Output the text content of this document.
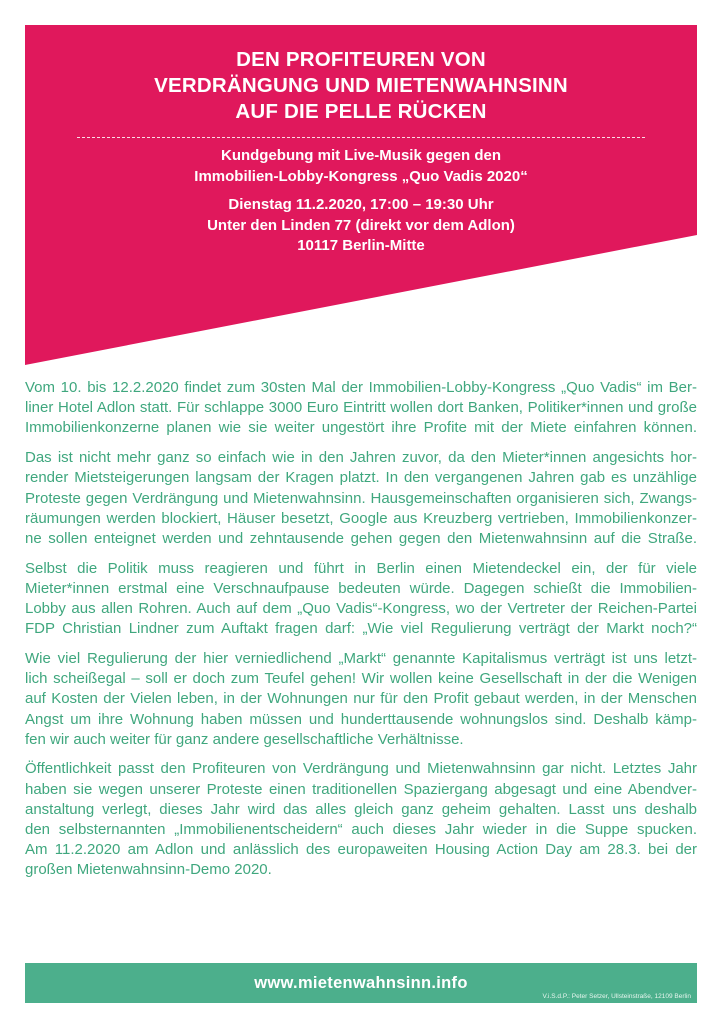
DEN PROFITEUREN VON
VERDRÄNGUNG UND MIETENWAHNSINN
AUF DIE PELLE RÜCKEN
Kundgebung mit Live-Musik gegen den
Immobilien-Lobby-Kongress „Quo Vadis 2020“
Dienstag 11.2.2020, 17:00 – 19:30 Uhr
Unter den Linden 77 (direkt vor dem Adlon)
10117 Berlin-Mitte

Vom 10. bis 12.2.2020 findet zum 30sten Mal der Immobilien-Lobby-Kongress „Quo Vadis“ im Ber-
liner Hotel Adlon statt. Für schlappe 3000 Euro Eintritt wollen dort Banken, Politiker*innen und große
Immobilienkonzerne planen wie sie weiter ungestört ihre Profite mit der Miete einfahren können.

Das ist nicht mehr ganz so einfach wie in den Jahren zuvor, da den Mieter*innen angesichts hor-
render Mietsteigerungen langsam der Kragen platzt. In den vergangenen Jahren gab es unzählige
Proteste gegen Verdrängung und Mietenwahnsinn. Hausgemeinschaften organisieren sich, Zwangs-
räumungen werden blockiert, Häuser besetzt, Google aus Kreuzberg vertrieben, Immobilienkonzer-
ne sollen enteignet werden und zehntausende gehen gegen den Mietenwahnsinn auf die Straße.

Selbst die Politik muss reagieren und führt in Berlin einen Mietendeckel ein, der für viele
Mieter*innen erstmal eine Verschnaufpause bedeuten würde. Dagegen schießt die Immobilien-
Lobby aus allen Rohren. Auch auf dem „Quo Vadis“-Kongress, wo der Vertreter der Reichen-Partei
FDP Christian Lindner zum Auftakt fragen darf: „Wie viel Regulierung verträgt der Markt noch?“

Wie viel Regulierung der hier verniedlichend „Markt“ genannte Kapitalismus verträgt ist uns letzt-
lich scheißegal – soll er doch zum Teufel gehen! Wir wollen keine Gesellschaft in der die Wenigen
auf Kosten der Vielen leben, in der Wohnungen nur für den Profit gebaut werden, in der Menschen
Angst um ihre Wohnung haben müssen und hunderttausende wohnungslos sind. Deshalb kämp-
fen wir auch weiter für ganz andere gesellschaftliche Verhältnisse.

Öffentlichkeit passt den Profiteuren von Verdrängung und Mietenwahnsinn gar nicht. Letztes Jahr
haben sie wegen unserer Proteste einen traditionellen Spaziergang abgesagt und eine Abendver-
anstaltung verlegt, dieses Jahr wird das alles gleich ganz geheim gehalten. Lasst uns deshalb
den selbsternannten „Immobilienentscheidern“ auch dieses Jahr wieder in die Suppe spucken.
Am 11.2.2020 am Adlon und anlässlich des europaweiten Housing Action Day am 28.3. bei der
großen Mietenwahnsinn-Demo 2020.

www.mietenwahnsinn.info
V.i.S.d.P.: Peter Setzer, Ullsteinstraße, 12109 Berlin
